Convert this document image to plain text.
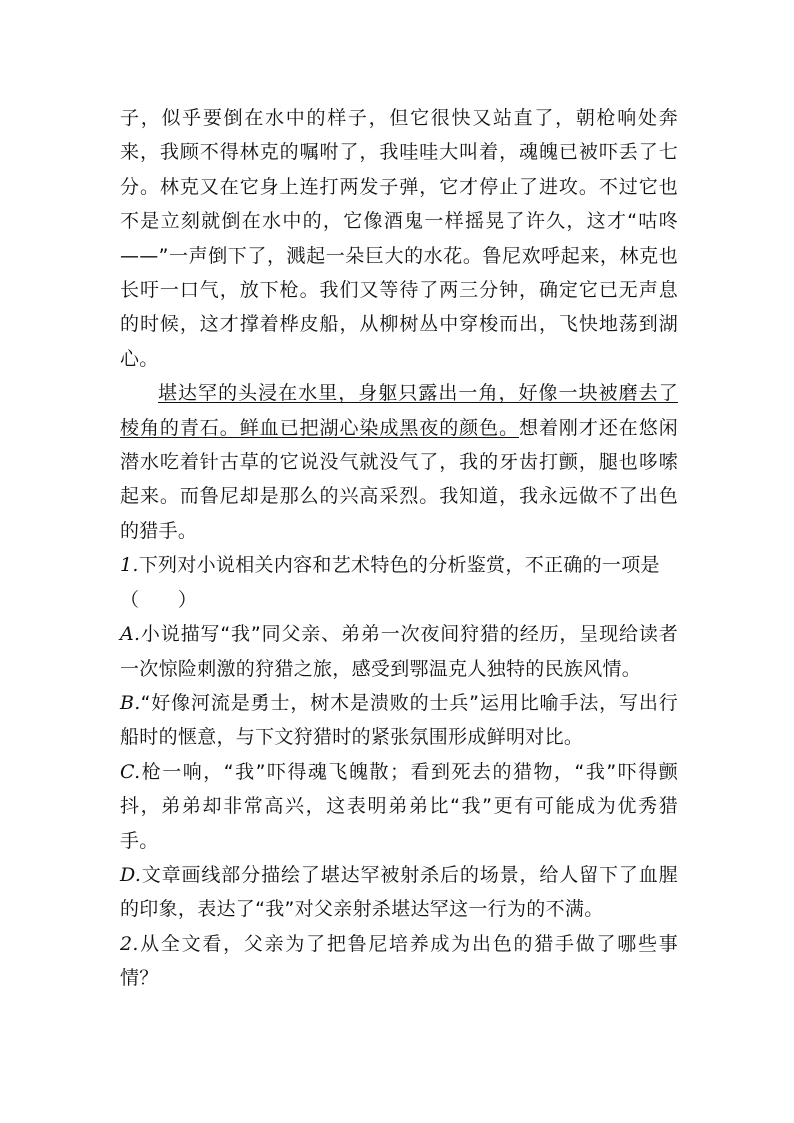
子，似乎要倒在水中的样子，但它很快又站直了，朝枪响处奔来，我顾不得林克的嘱咐了，我哇哇大叫着，魂魄已被吓丢了七分。林克又在它身上连打两发子弹，它才停止了进攻。不过它也不是立刻就倒在水中的，它像酒鬼一样摇晃了许久，这才“咕咚——”一声倒下了，溅起一朵巨大的水花。鲁尼欢呼起来，林克也长吁一口气，放下枪。我们又等待了两三分钟，确定它已无声息的时候，这才撑着桦皮船，从柳树丛中穿梭而出，飞快地荡到湖心。

堪达罕的头浸在水里，身躯只露出一角，好像一块被磨去了棱角的青石。鲜血已把湖心染成黑夜的颜色。想着刚才还在悠闲潜水吃着针古草的它说没气就没气了，我的牙齿打颤，腿也哆嗦起来。而鲁尼却是那么的兴高采烈。我知道，我永远做不了出色的猎手。

1.下列对小说相关内容和艺术特色的分析鉴赏，不正确的一项是

（　　）

A.小说描写“我”同父亲、弟弟一次夜间狩猎的经历，呈现给读者一次惊险刺激的狩猎之旅，感受到鄂温克人独特的民族风情。

B.“好像河流是勇士，树木是溃败的士兵”运用比喻手法，写出行船时的惬意，与下文狩猎时的紧张氛围形成鲜明对比。

C.枪一响，“我”吓得魂飞魄散；看到死去的猎物，“我”吓得颤抖，弟弟却非常高兴，这表明弟弟比“我”更有可能成为优秀猎手。

D.文章画线部分描绘了堪达罕被射杀后的场景，给人留下了血腥的印象，表达了“我”对父亲射杀堪达罕这一行为的不满。

2.从全文看，父亲为了把鲁尼培养成为出色的猎手做了哪些事情？
